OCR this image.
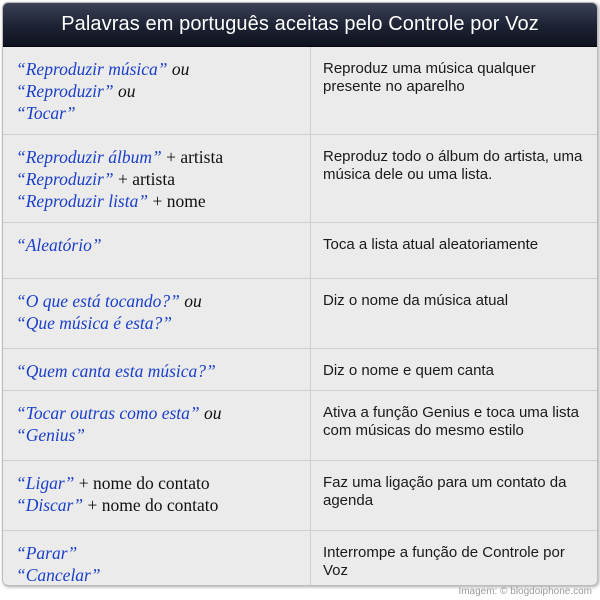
Palavras em português aceitas pelo Controle por Voz
“Reproduzir música” ou
“Reproduzir” ou
“Tocar”
Reproduz uma música qualquer presente no aparelho
“Reproduzir álbum” + artista
“Reproduzir” + artista
“Reproduzir lista” + nome
Reproduz todo o álbum do artista, uma música dele ou uma lista.
“Aleatório”	Toca a lista atual aleatoriamente
“O que está tocando?” ou
“Que música é esta?”
Diz o nome da música atual
“Quem canta esta música?”	Diz o nome e quem canta
“Tocar outras como esta” ou
“Genius”
Ativa a função Genius e toca uma lista com músicas do mesmo estilo
“Ligar” + nome do contato
“Discar” + nome do contato
Faz uma ligação para um contato da agenda
“Parar”
“Cancelar”
Interrompe a função de Controle por Voz
Imagem: © blogdoiphone.com
